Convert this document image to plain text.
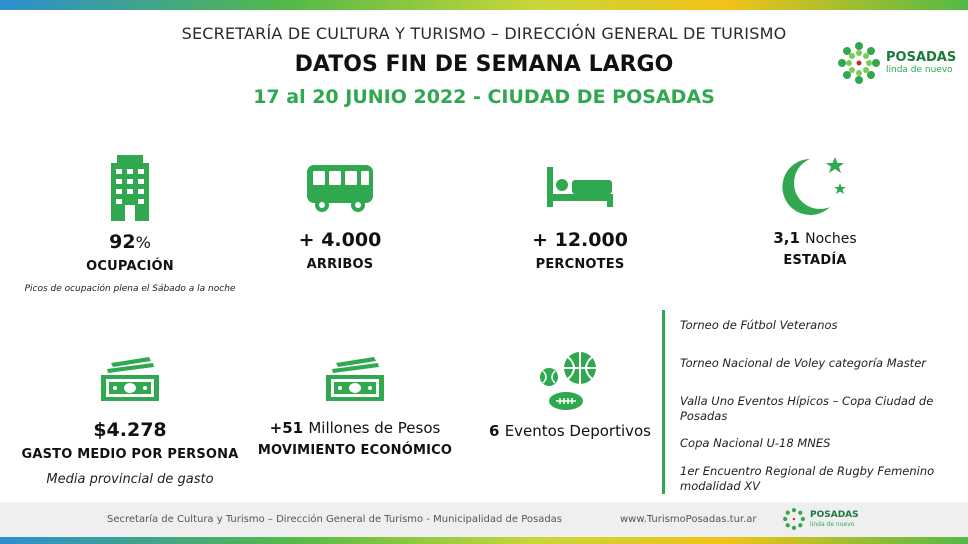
SECRETARÍA DE CULTURA Y TURISMO – DIRECCIÓN GENERAL DE TURISMO
DATOS FIN DE SEMANA LARGO
17 al 20 JUNIO 2022 - CIUDAD DE POSADAS
POSADAS
linda de nuevo
92%
OCUPACIÓN
Picos de ocupación plena el Sábado a la noche
+ 4.000
ARRIBOS
+ 12.000
PERCNOTES
3,1 Noches
ESTADÍA
$4.278
GASTO MEDIO POR PERSONA
Media provincial de gasto
+51 Millones de Pesos
MOVIMIENTO ECONÓMICO
6 Eventos Deportivos
Torneo de Fútbol Veteranos
Torneo Nacional de Voley categoría Master
Valla Uno Eventos Hípicos – Copa Ciudad de Posadas
Copa Nacional U-18 MNES
1er Encuentro Regional de Rugby Femenino modalidad XV
Secretaría de Cultura y Turismo – Dirección General de Turismo - Municipalidad de Posadas	www.TurismoPosadas.tur.ar	POSADAS
linda de nuevo
